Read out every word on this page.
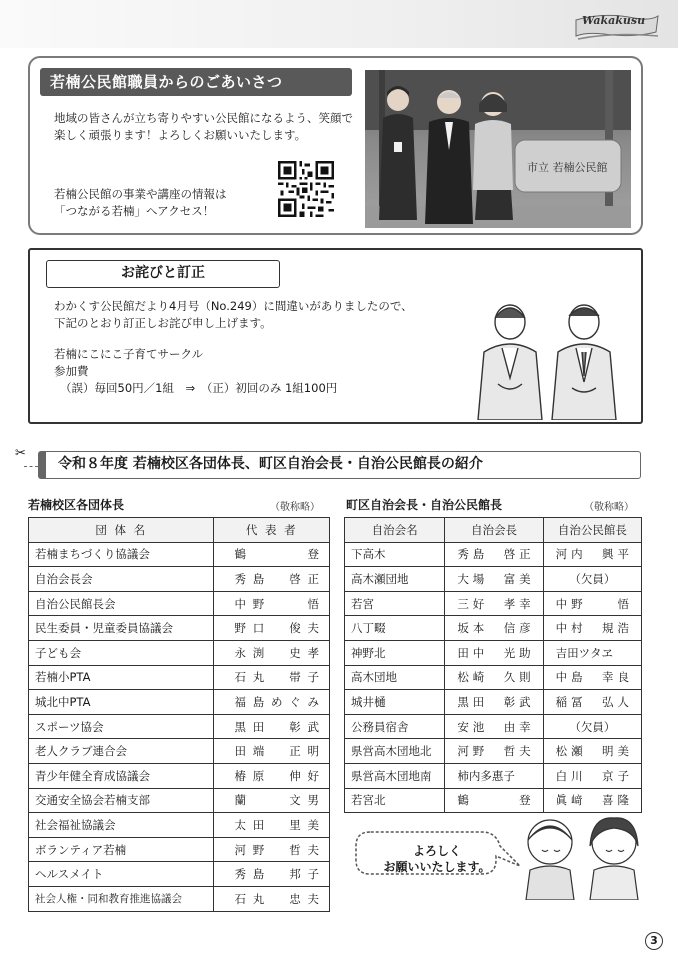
Wakakusu
若楠公民館職員からのごあいさつ
地域の皆さんが立ち寄りやすい公民館になるよう、笑顔で楽しく頑張ります！よろしくお願いいたします。
若楠公民館の事業や講座の情報は
「つながる若楠」へアクセス！
市立 若楠公民館
お詫びと訂正
わかくす公民館だより4月号（No.249）に間違いがありましたので、
下記のとおり訂正しお詫び申し上げます。
若楠にこにこ子育てサークル
参加費
（誤）毎回50円／1組　⇒　（正）初回のみ 1組100円
✂
令和８年度 若楠校区各団体長、町区自治会長・自治公民館長の紹介
若楠校区各団体長	（敬称略）
団 体 名	代 表 者
若楠まちづくり協議会	鶴　　登
自治会長会	秀島　啓正
自治公民館長会	中野　　悟
民生委員・児童委員協議会	野口　俊夫
子ども会	永渕　史孝
若楠小PTA	石丸　帯子
城北中PTA	福島めぐみ
スポーツ協会	黒田　彰武
老人クラブ連合会	田端　正明
青少年健全育成協議会	椿原　伸好
交通安全協会若楠支部	蘭　　文男
社会福祉協議会	太田　里美
ボランティア若楠	河野　哲夫
ヘルスメイト	秀島　邦子
社会人権・同和教育推進協議会	石丸　忠夫
町区自治会長・自治公民館長	（敬称略）
自治会名	自治会長	自治公民館長
下高木	秀島　啓正	河内　興平
高木瀬団地	大場　富美	（欠員）
若宮	三好　孝幸	中野　　悟
八丁畷	坂本　信彦	中村　規浩
神野北	田中　光助	吉田ツタヱ
高木団地	松崎　久則	中島　幸良
城井樋	黒田　彰武	稲冨　弘人
公務員宿舎	安池　由幸	（欠員）
県営高木団地北	河野　哲夫	松瀬　明美
県営高木団地南	柿内多惠子	白川　京子
若宮北	鶴　　登	眞﨑　喜隆
よろしく
お願いいたします。
3
